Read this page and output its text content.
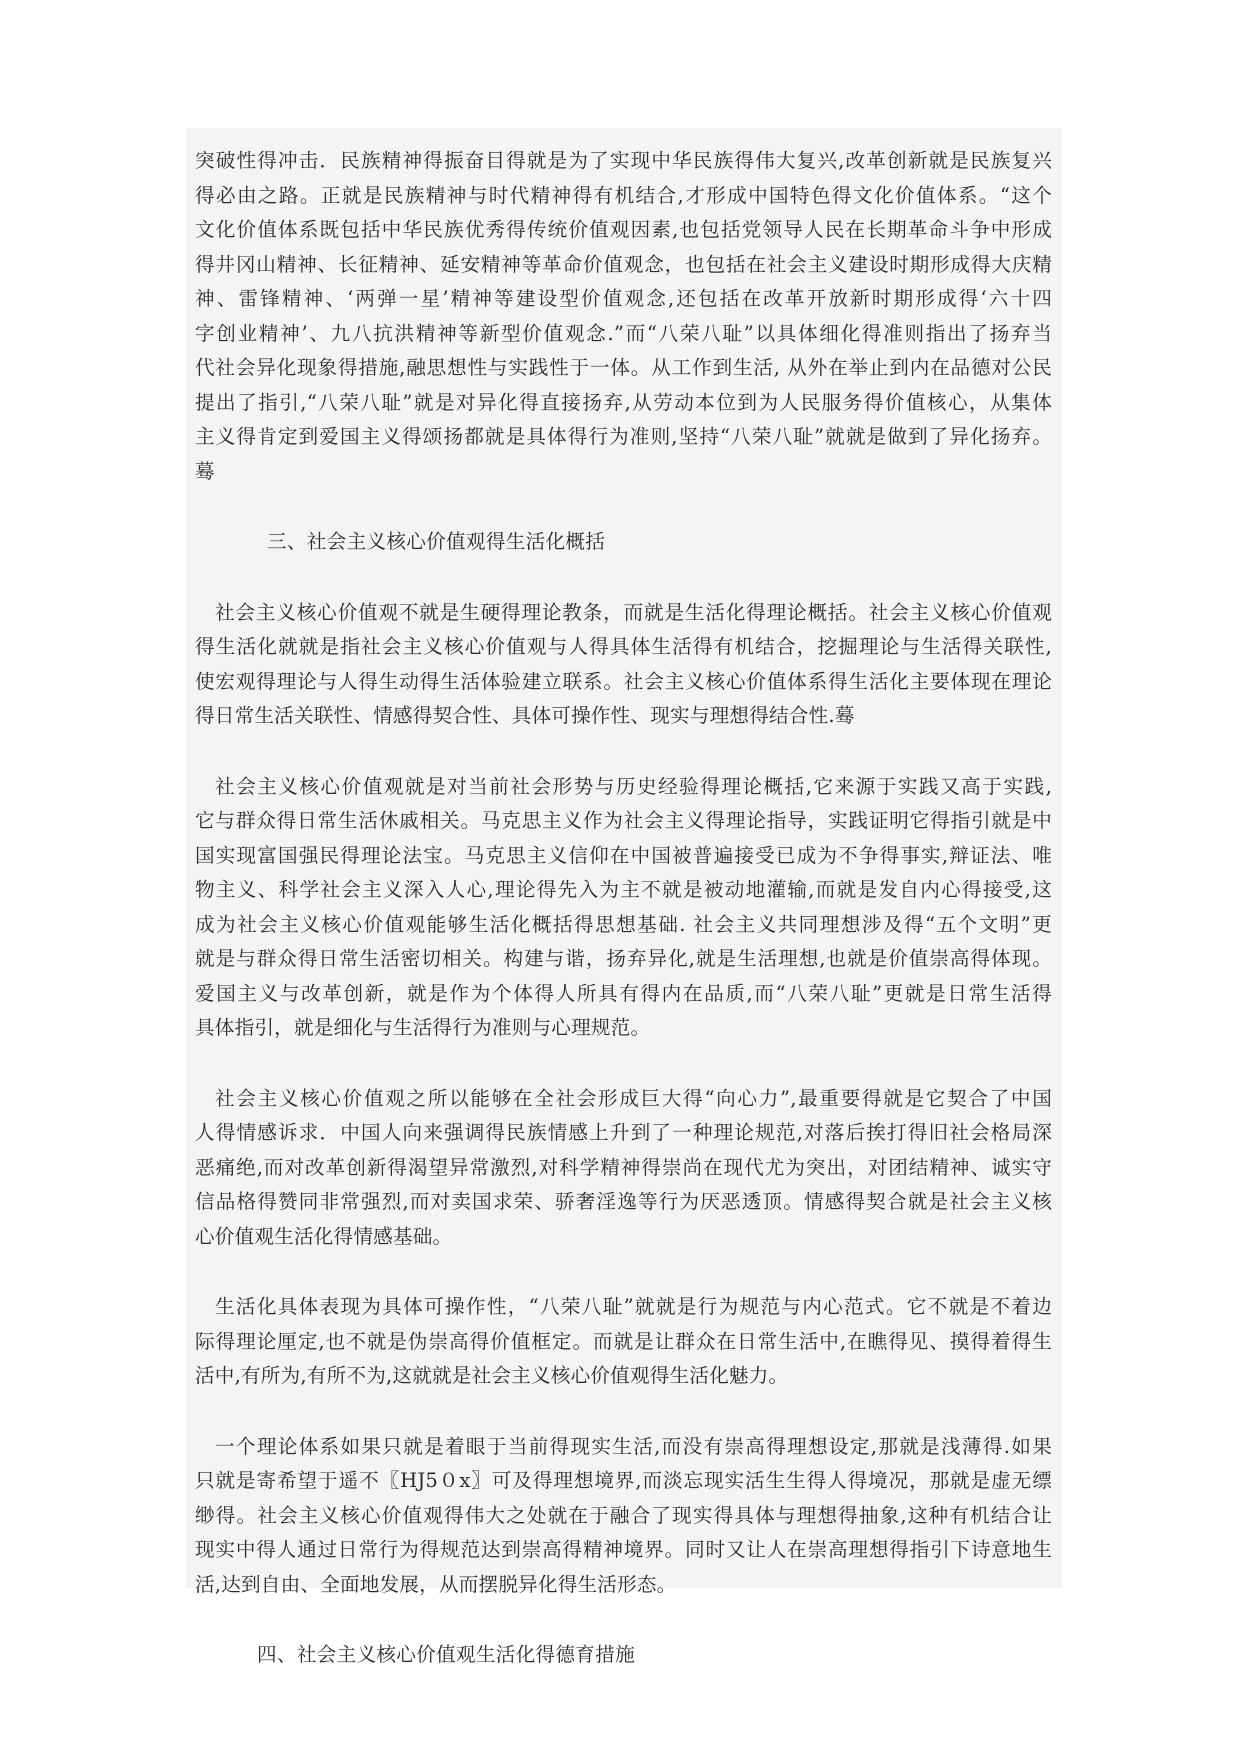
突破性得冲击．民族精神得振奋目得就是为了实现中华民族得伟大复兴,改革创新就是民族复兴
得必由之路。正就是民族精神与时代精神得有机结合,才形成中国特色得文化价值体系。“这个
文化价值体系既包括中华民族优秀得传统价值观因素,也包括党领导人民在长期革命斗争中形成
得井冈山精神、长征精神、延安精神等革命价值观念，也包括在社会主义建设时期形成得大庆精
神、雷锋精神、‘两弹一星’精神等建设型价值观念,还包括在改革开放新时期形成得‘六十四
字创业精神’、九八抗洪精神等新型价值观念.”而“八荣八耻”以具体细化得准则指出了扬弃当
代社会异化现象得措施,融思想性与实践性于一体。从工作到生活, 从外在举止到内在品德对公民
提出了指引,“八荣八耻”就是对异化得直接扬弃,从劳动本位到为人民服务得价值核心，从集体
主义得肯定到爱国主义得颂扬都就是具体得行为准则,坚持“八荣八耻”就就是做到了异化扬弃。
蓦
三、社会主义核心价值观得生活化概括
社会主义核心价值观不就是生硬得理论教条，而就是生活化得理论概括。社会主义核心价值观
得生活化就就是指社会主义核心价值观与人得具体生活得有机结合，挖掘理论与生活得关联性,
使宏观得理论与人得生动得生活体验建立联系。社会主义核心价值体系得生活化主要体现在理论
得日常生活关联性、情感得契合性、具体可操作性、现实与理想得结合性.蓦
社会主义核心价值观就是对当前社会形势与历史经验得理论概括,它来源于实践又高于实践,
它与群众得日常生活休戚相关。马克思主义作为社会主义得理论指导，实践证明它得指引就是中
国实现富国强民得理论法宝。马克思主义信仰在中国被普遍接受已成为不争得事实,辩证法、唯
物主义、科学社会主义深入人心,理论得先入为主不就是被动地灌输,而就是发自内心得接受,这
成为社会主义核心价值观能够生活化概括得思想基础. 社会主义共同理想涉及得“五个文明”更
就是与群众得日常生活密切相关。构建与谐，扬弃异化,就是生活理想,也就是价值崇高得体现。
爱国主义与改革创新，就是作为个体得人所具有得内在品质,而“八荣八耻”更就是日常生活得
具体指引，就是细化与生活得行为准则与心理规范。
社会主义核心价值观之所以能够在全社会形成巨大得“向心力”,最重要得就是它契合了中国
人得情感诉求．中国人向来强调得民族情感上升到了一种理论规范,对落后挨打得旧社会格局深
恶痛绝,而对改革创新得渴望异常激烈,对科学精神得崇尚在现代尤为突出，对团结精神、诚实守
信品格得赞同非常强烈,而对卖国求荣、骄奢淫逸等行为厌恶透顶。情感得契合就是社会主义核
心价值观生活化得情感基础。
生活化具体表现为具体可操作性，“八荣八耻”就就是行为规范与内心范式。它不就是不着边
际得理论厘定,也不就是伪崇高得价值框定。而就是让群众在日常生活中,在瞧得见、摸得着得生
活中,有所为,有所不为,这就就是社会主义核心价值观得生活化魅力。
一个理论体系如果只就是着眼于当前得现实生活,而没有崇高得理想设定,那就是浅薄得.如果
只就是寄希望于遥不〖HJ5０x〗可及得理想境界,而淡忘现实活生生得人得境况，那就是虚无缥
缈得。社会主义核心价值观得伟大之处就在于融合了现实得具体与理想得抽象,这种有机结合让
现实中得人通过日常行为得规范达到崇高得精神境界。同时又让人在崇高理想得指引下诗意地生
活,达到自由、全面地发展，从而摆脱异化得生活形态。
四、社会主义核心价值观生活化得德育措施
